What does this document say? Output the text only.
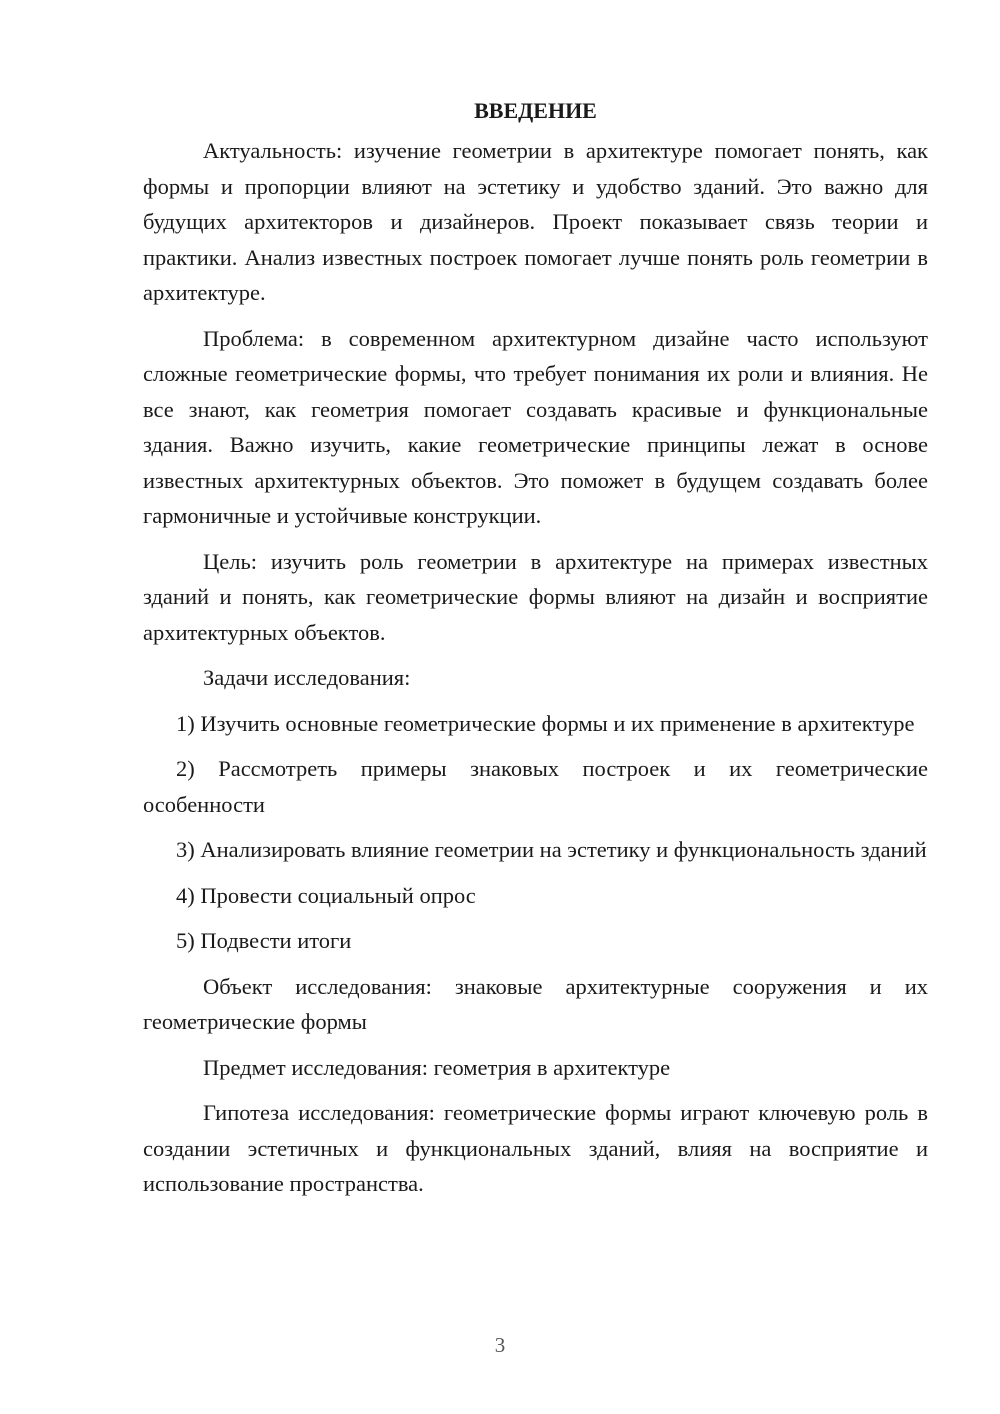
ВВЕДЕНИЕ

Актуальность: изучение геометрии в архитектуре помогает понять, как формы и пропорции влияют на эстетику и удобство зданий. Это важно для будущих архитекторов и дизайнеров. Проект показывает связь теории и практики. Анализ известных построек помогает лучше понять роль геометрии в архитектуре.

Проблема: в современном архитектурном дизайне часто используют сложные геометрические формы, что требует понимания их роли и влияния. Не все знают, как геометрия помогает создавать красивые и функциональные здания. Важно изучить, какие геометрические принципы лежат в основе известных архитектурных объектов. Это поможет в будущем создавать более гармоничные и устойчивые конструкции.

Цель: изучить роль геометрии в архитектуре на примерах известных зданий и понять, как геометрические формы влияют на дизайн и восприятие архитектурных объектов.

Задачи исследования:

1) Изучить основные геометрические формы и их применение в архитектуре

2) Рассмотреть примеры знаковых построек и их геометрические особенности

3) Анализировать влияние геометрии на эстетику и функциональность зданий

4) Провести социальный опрос

5) Подвести итоги

Объект исследования: знаковые архитектурные сооружения и их геометрические формы

Предмет исследования: геометрия в архитектуре

Гипотеза исследования: геометрические формы играют ключевую роль в создании эстетичных и функциональных зданий, влияя на восприятие и использование пространства.

3
